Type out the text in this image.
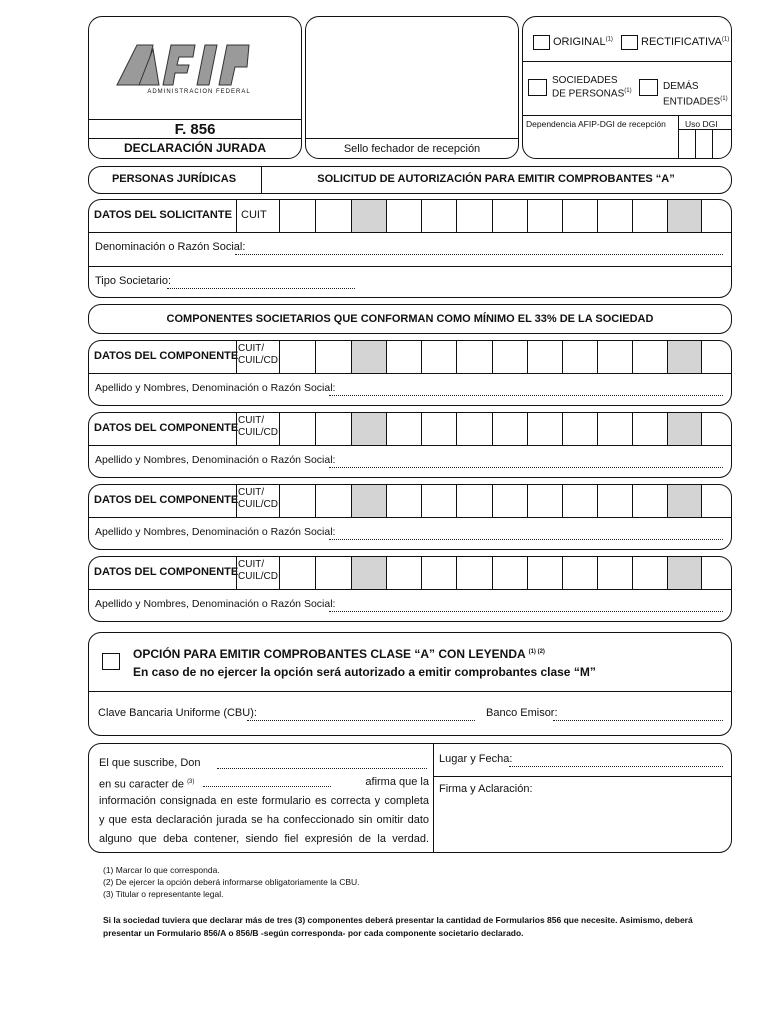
ADMINISTRACION FEDERAL
F. 856
DECLARACIÓN JURADA	Sello fechador de recepción
ORIGINAL$^{(1)}$	RECTIFICATIVA$^{(1)}$
SOCIEDADES
DE PERSONAS$^{(1)}$	DEMÁS
ENTIDADES$^{(1)}$
Dependencia AFIP-DGI de recepción Uso DGI
PERSONAS JURÍDICAS	SOLICITUD DE AUTORIZACIÓN PARA EMITIR COMPROBANTES “A”
DATOS DEL SOLICITANTE CUIT
Denominación o Razón Social:
Tipo Societario:
COMPONENTES SOCIETARIOS QUE CONFORMAN COMO MÍNIMO EL 33% DE LA SOCIEDAD
DATOS DEL COMPONENTE
CUIT/
CUIL/CDI
Apellido y Nombres, Denominación o Razón Social:
DATOS DEL COMPONENTE
CUIT/
CUIL/CDI
Apellido y Nombres, Denominación o Razón Social:
DATOS DEL COMPONENTE
CUIT/
CUIL/CDI
Apellido y Nombres, Denominación o Razón Social:
DATOS DEL COMPONENTE
CUIT/
CUIL/CDI
Apellido y Nombres, Denominación o Razón Social:
OPCIÓN PARA EMITIR COMPROBANTES CLASE “A” CON LEYENDA $^{(1) (2)}$
En caso de no ejercer la opción será autorizado a emitir comprobantes clase “M”
Clave Bancaria Uniforme (CBU):	Banco Emisor:
El que suscribe, Don
en su caracter de $^{(3)}$	afirma que la
información consignada en este formulario es correcta y completa
y que esta declaración jurada se ha confeccionado sin omitir dato
alguno que deba contener, siendo fiel expresión de la verdad.
Lugar y Fecha:
Firma y Aclaración:
(1) Marcar lo que corresponda.
(2) De ejercer la opción deberá informarse obligatoriamente la CBU.
(3) Titular o representante legal.
Si la sociedad tuviera que declarar más de tres (3) componentes deberá presentar la cantidad de Formularios 856 que necesite. Asimismo, deberá presentar un Formulario 856/A o 856/B -según corresponda- por cada componente societario declarado.
